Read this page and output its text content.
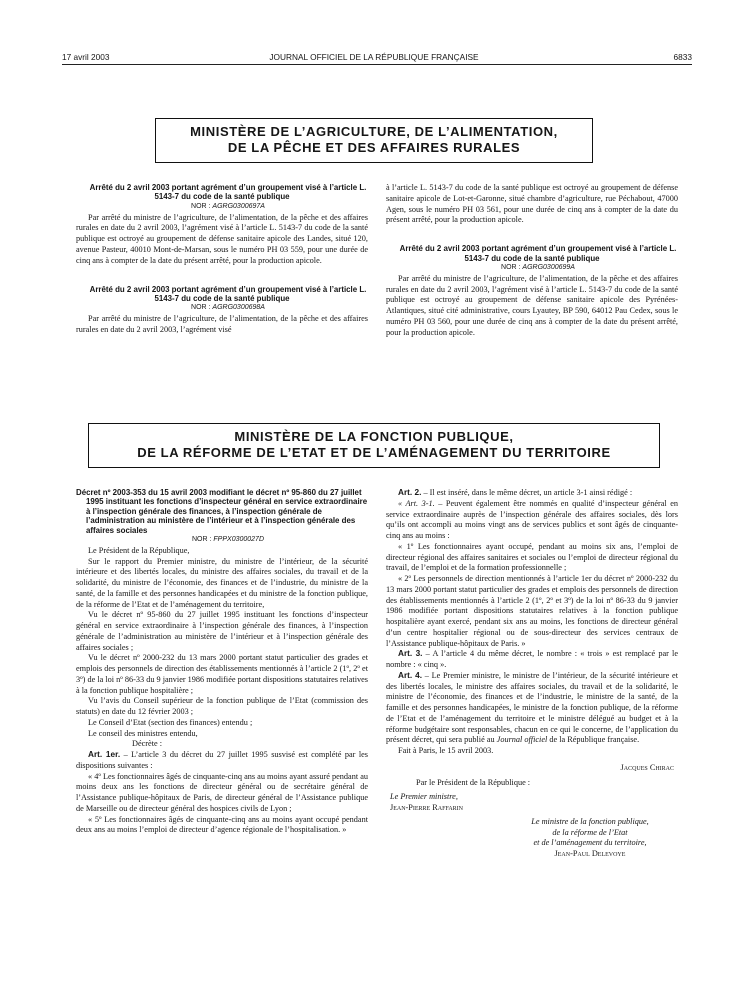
17 avril 2003	JOURNAL OFFICIEL DE LA RÉPUBLIQUE FRANÇAISE	6833
MINISTÈRE DE L’AGRICULTURE, DE L’ALIMENTATION,
DE LA PÊCHE ET DES AFFAIRES RURALES

Arrêté du 2 avril 2003 portant agrément d’un groupement visé à l’article L. 5143-7 du code de la santé publique

NOR : AGRG0300697A

Par arrêté du ministre de l’agriculture, de l’alimentation, de la pêche et des affaires rurales en date du 2 avril 2003, l’agrément visé à l’article L. 5143-7 du code de la santé publique est octroyé au groupement de défense sanitaire apicole des Landes, situé 120, avenue Pasteur, 40010 Mont-de-Marsan, sous le numéro PH 03 559, pour une durée de cinq ans à compter de la date du présent arrêté, pour la production apicole.

Arrêté du 2 avril 2003 portant agrément d’un groupement visé à l’article L. 5143-7 du code de la santé publique

NOR : AGRG0300698A

Par arrêté du ministre de l’agriculture, de l’alimentation, de la pêche et des affaires rurales en date du 2 avril 2003, l’agrément visé

à l’article L. 5143-7 du code de la santé publique est octroyé au groupement de défense sanitaire apicole de Lot-et-Garonne, situé chambre d’agriculture, rue Péchabout, 47000 Agen, sous le numéro PH 03 561, pour une durée de cinq ans à compter de la date du présent arrêté, pour la production apicole.

Arrêté du 2 avril 2003 portant agrément d’un groupement visé à l’article L. 5143-7 du code de la santé publique

NOR : AGRG0300699A

Par arrêté du ministre de l’agriculture, de l’alimentation, de la pêche et des affaires rurales en date du 2 avril 2003, l’agrément visé à l’article L. 5143-7 du code de la santé publique est octroyé au groupement de défense sanitaire apicole des Pyrénées-Atlantiques, situé cité administrative, cours Lyautey, BP 590, 64012 Pau Cedex, sous le numéro PH 03 560, pour une durée de cinq ans à compter de la date du présent arrêté, pour la production apicole.

MINISTÈRE DE LA FONCTION PUBLIQUE,
DE LA RÉFORME DE L’ETAT ET DE L’AMÉNAGEMENT DU TERRITOIRE

Décret nº 2003-353 du 15 avril 2003 modifiant le décret nº 95-860 du 27 juillet 1995 instituant les fonctions d’inspecteur général en service extraordinaire à l’inspection générale des finances, à l’inspection générale de l’administration au ministère de l’intérieur et à l’inspection générale des affaires sociales

NOR : FPPX0300027D

Le Président de la République,

Sur le rapport du Premier ministre, du ministre de l’intérieur, de la sécurité intérieure et des libertés locales, du ministre des affaires sociales, du travail et de la solidarité, du ministre de l’économie, des finances et de l’industrie, du ministre de la santé, de la famille et des personnes handicapées et du ministre de la fonction publique, de la réforme de l’Etat et de l’aménagement du territoire,

Vu le décret nº 95-860 du 27 juillet 1995 instituant les fonctions d’inspecteur général en service extraordinaire à l’inspection générale des finances, à l’inspection générale de l’administration au ministère de l’intérieur et à l’inspection générale des affaires sociales ;

Vu le décret nº 2000-232 du 13 mars 2000 portant statut particulier des grades et emplois des personnels de direction des établissements mentionnés à l’article 2 (1º, 2º et 3º) de la loi nº 86-33 du 9 janvier 1986 modifiée portant dispositions statutaires relatives à la fonction publique hospitalière ;

Vu l’avis du Conseil supérieur de la fonction publique de l’Etat (commission des statuts) en date du 12 février 2003 ;

Le Conseil d’Etat (section des finances) entendu ;

Le conseil des ministres entendu,

Décrète :

Art. 1er. – L’article 3 du décret du 27 juillet 1995 susvisé est complété par les dispositions suivantes :

« 4º Les fonctionnaires âgés de cinquante-cinq ans au moins ayant assuré pendant au moins deux ans les fonctions de directeur général ou de secrétaire général de l’Assistance publique-hôpitaux de Paris, de directeur général de l’Assistance publique de Marseille ou de directeur général des hospices civils de Lyon ;

« 5º Les fonctionnaires âgés de cinquante-cinq ans au moins ayant occupé pendant deux ans au moins l’emploi de directeur d’agence régionale de l’hospitalisation. »

Art. 2. – Il est inséré, dans le même décret, un article 3-1 ainsi rédigé :

« Art. 3-1. – Peuvent également être nommés en qualité d’inspecteur général en service extraordinaire auprès de l’inspection générale des affaires sociales, dès lors qu’ils ont accompli au moins vingt ans de services publics et sont âgés de cinquante-cinq ans au moins :

« 1º Les fonctionnaires ayant occupé, pendant au moins six ans, l’emploi de directeur régional des affaires sanitaires et sociales ou l’emploi de directeur régional du travail, de l’emploi et de la formation professionnelle ;

« 2º Les personnels de direction mentionnés à l’article 1er du décret nº 2000-232 du 13 mars 2000 portant statut particulier des grades et emplois des personnels de direction des établissements mentionnés à l’article 2 (1º, 2º et 3º) de la loi nº 86-33 du 9 janvier 1986 modifiée portant dispositions statutaires relatives à la fonction publique hospitalière ayant exercé, pendant six ans au moins, les fonctions de directeur général d’un centre hospitalier régional ou de sous-directeur des services centraux de l’Assistance publique-hôpitaux de Paris. »

Art. 3. – A l’article 4 du même décret, le nombre : « trois » est remplacé par le nombre : « cinq ».

Art. 4. – Le Premier ministre, le ministre de l’intérieur, de la sécurité intérieure et des libertés locales, le ministre des affaires sociales, du travail et de la solidarité, le ministre de l’économie, des finances et de l’industrie, le ministre de la santé, de la famille et des personnes handicapées, le ministre de la fonction publique, de la réforme de l’Etat et de l’aménagement du territoire et le ministre délégué au budget et à la réforme budgétaire sont responsables, chacun en ce qui le concerne, de l’application du présent décret, qui sera publié au Journal officiel de la République française.

Fait à Paris, le 15 avril 2003.

Jacques Chirac
Par le Président de la République :
Le Premier ministre,
Jean-Pierre Raffarin
Le ministre de la fonction publique,
de la réforme de l’Etat
et de l’aménagement du territoire,
Jean-Paul Delevoye
